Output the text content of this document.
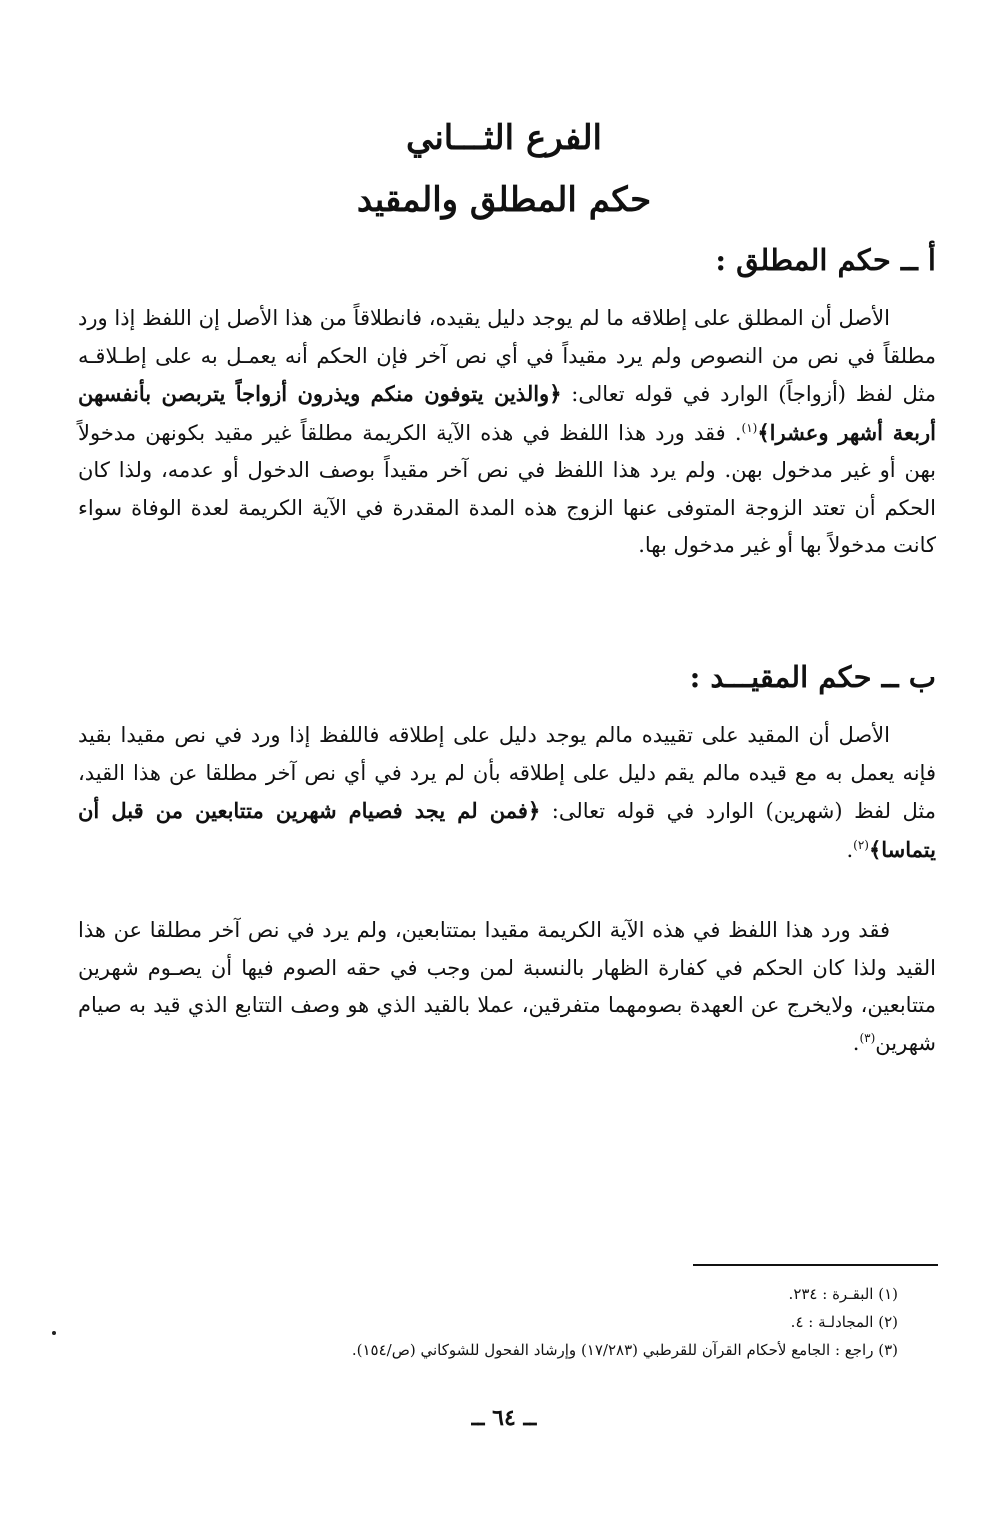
الفرع الثـــاني
حكم المطلق والمقيد
أ ــ حكم المطلق :

الأصل أن المطلق على إطلاقه ما لم يوجد دليل يقيده، فانطلاقاً من هذا الأصل إن اللفظ إذا ورد مطلقاً في نص من النصوص ولم يرد مقيداً في أي نص آخر فإن الحكم أنه يعمـل به على إطـلاقـه مثل لفظ (أزواجاً) الوارد في قوله تعالى: ﴿والذين يتوفون منكم ويذرون أزواجاً يتربصن بأنفسهن أربعة أشهر وعشرا﴾$^{(١)}$. فقد ورد هذا اللفظ في هذه الآية الكريمة مطلقاً غير مقيد بكونهن مدخولاً بهن أو غير مدخول بهن. ولم يرد هذا اللفظ في نص آخر مقيداً بوصف الدخول أو عدمه، ولذا كان الحكم أن تعتد الزوجة المتوفى عنها الزوج هذه المدة المقدرة في الآية الكريمة لعدة الوفاة سواء كانت مدخولاً بها أو غير مدخول بها.

ب ــ حكم المقيـــد :

الأصل أن المقيد على تقييده مالم يوجد دليل على إطلاقه فاللفظ إذا ورد في نص مقيدا بقيد فإنه يعمل به مع قيده مالم يقم دليل على إطلاقه بأن لم يرد في أي نص آخر مطلقا عن هذا القيد، مثل لفظ (شهرين) الوارد في قوله تعالى: ﴿فمن لم يجد فصيام شهرين متتابعين من قبل أن يتماسا﴾$^{(٢)}$.

فقد ورد هذا اللفظ في هذه الآية الكريمة مقيدا بمتتابعين، ولم يرد في نص آخر مطلقا عن هذا القيد ولذا كان الحكم في كفارة الظهار بالنسبة لمن وجب في حقه الصوم فيها أن يصـوم شهرين متتابعين، ولايخرج عن العهدة بصومهما متفرقين، عملا بالقيد الذي هو وصف التتابع الذي قيد به صيام شهرين$^{(٣)}$.

(١) البقـرة : ٢٣٤.
(٢) المجادلـة : ٤.
(٣) راجع : الجامع لأحكام القرآن للقرطبي (١٧/٢٨٣) وإرشاد الفحول للشوكاني (ص/١٥٤).
ــ ٦٤ ــ
